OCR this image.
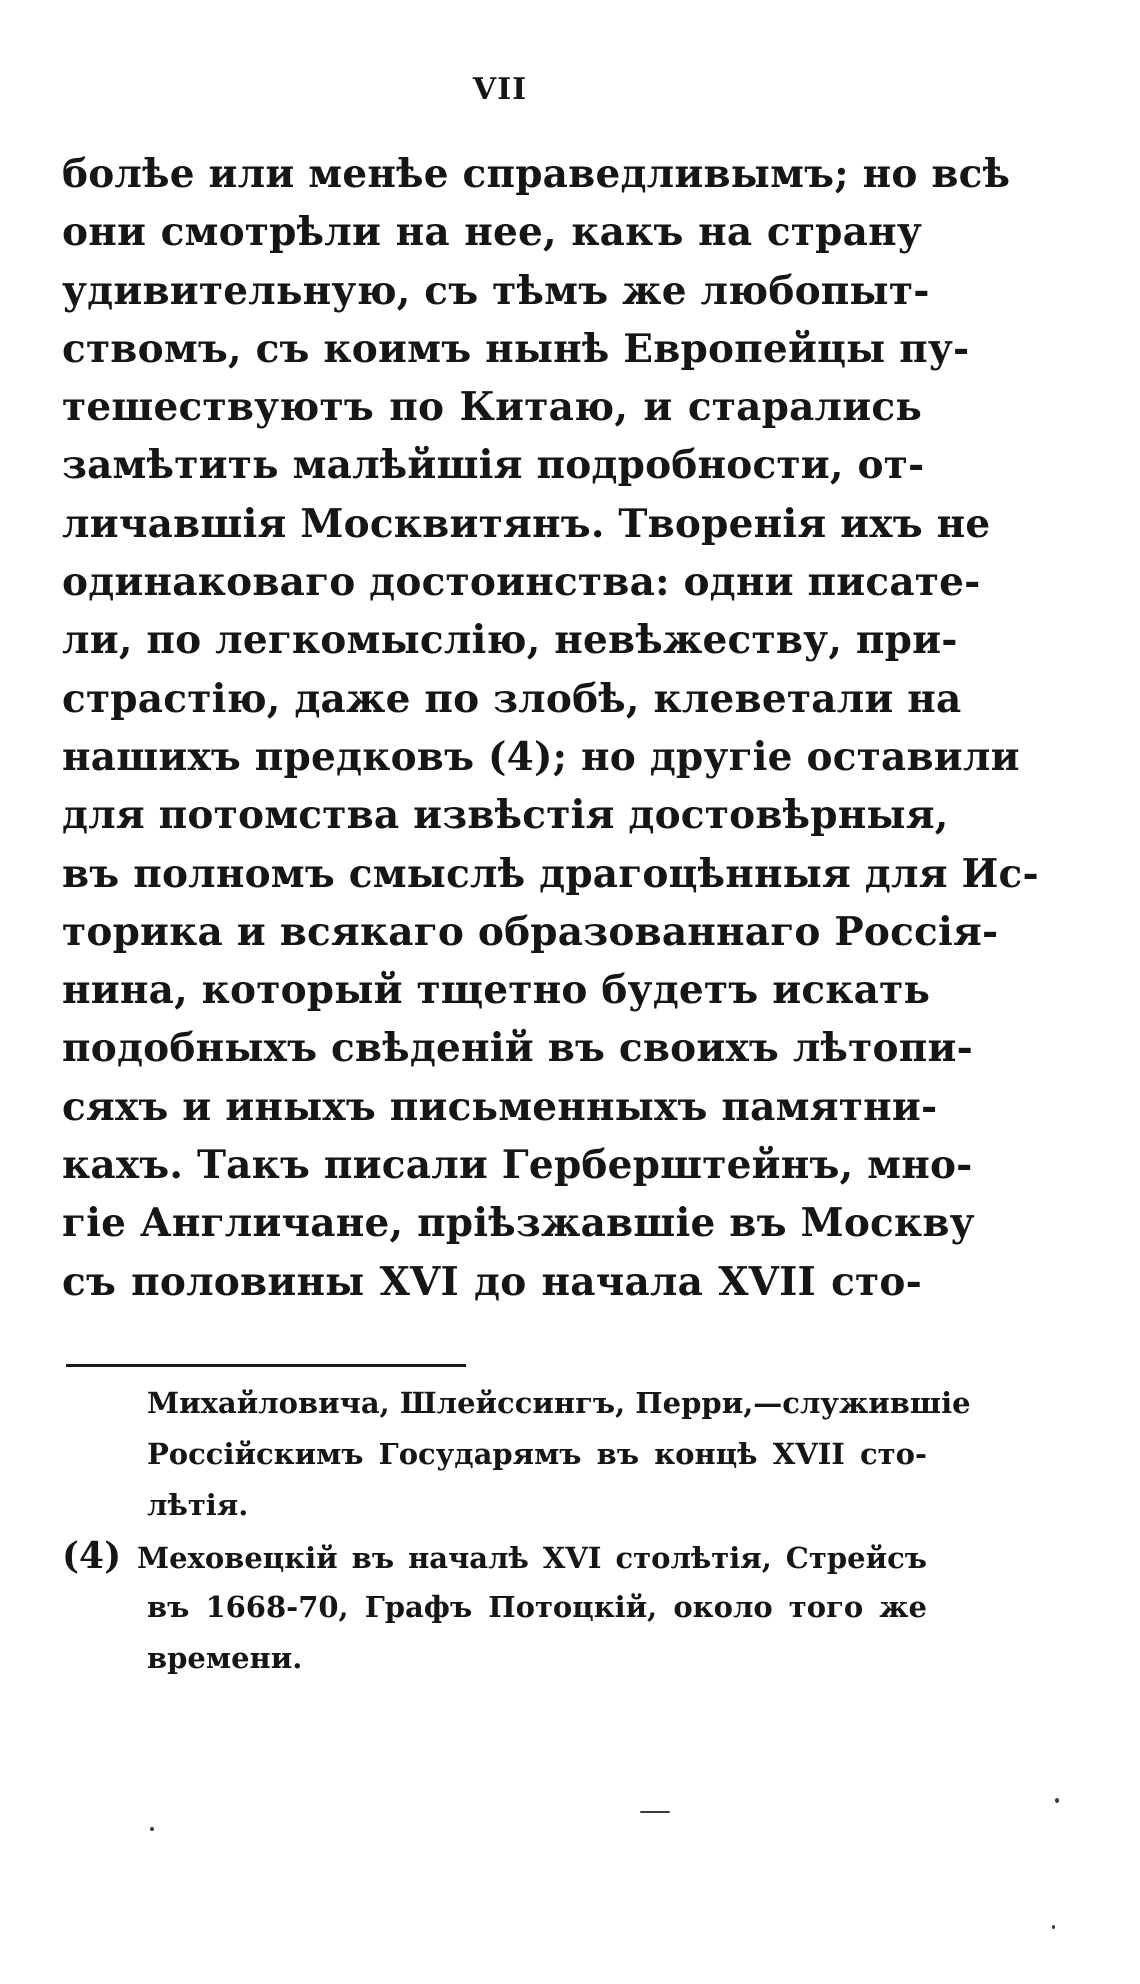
VII
болѣе или менѣе справедливымъ; но всѣ
они смотрѣли на нее, какъ на страну
удивительную, съ тѣмъ же любопыт-
ствомъ, съ коимъ нынѣ Европейцы пу-
тешествуютъ по Китаю, и старались
замѣтить малѣйшія подробности, от-
личавшія Москвитянъ. Творенія ихъ не
одинаковаго достоинства: одни писате-
ли, по легкомыслію, невѣжеству, при-
страстію, даже по злобѣ, клеветали на
нашихъ предковъ (4); но другіе оставили
для потомства извѣстія достовѣрныя,
въ полномъ смыслѣ драгоцѣнныя для Ис-
торика и всякаго образованнаго Россія-
нина, который тщетно будетъ искать
подобныхъ свѣденій въ своихъ лѣтопи-
сяхъ и иныхъ письменныхъ памятни-
кахъ. Такъ писали Герберштейнъ, мно-
гіе Англичане, пріѣзжавшіе въ Москву
съ половины XVI до начала XVII сто-
Михайловича, Шлейссингъ, Перри,—служившіе
Россійскимъ Государямъ въ концѣ XVII сто-
лѣтія.
(4) Меховецкій въ началѣ XVI столѣтія, Стрейсъ
въ 1668-70, Графъ Потоцкій, около того же
времени.
